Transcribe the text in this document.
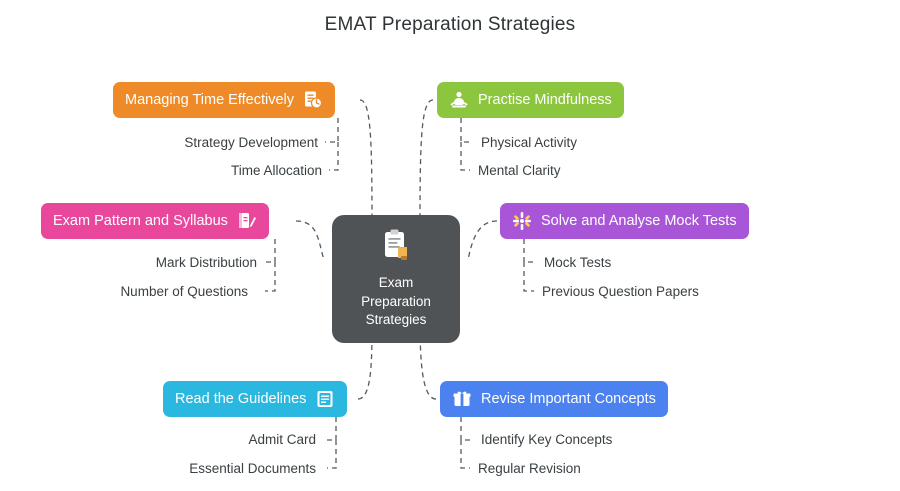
EMAT Preparation Strategies
Exam
Preparation
Strategies
Managing Time Effectively
Strategy Development
Time Allocation
Exam Pattern and Syllabus
Mark Distribution
Number of Questions
Read the Guidelines
Admit Card
Essential Documents
Practise Mindfulness
Physical Activity
Mental Clarity
Solve and Analyse Mock Tests
Mock Tests
Previous Question Papers
Revise Important Concepts
Identify Key Concepts
Regular Revision
